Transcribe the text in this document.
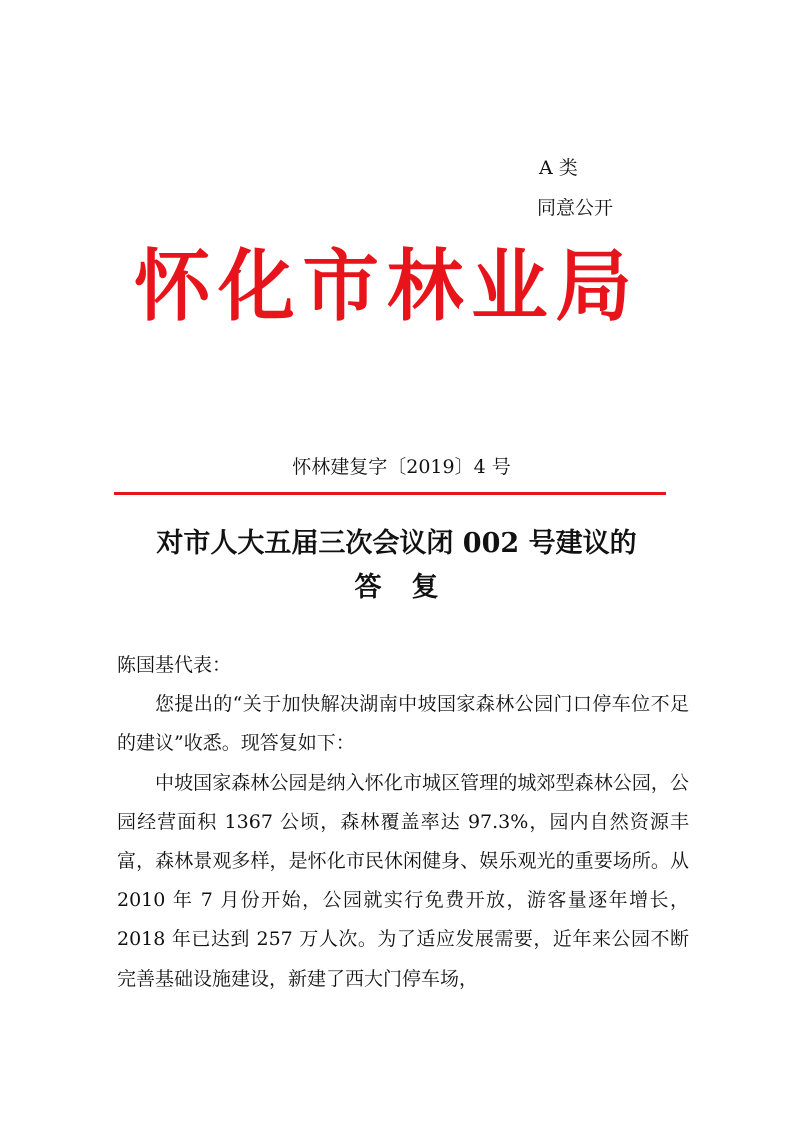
A 类
同意公开
怀化市林业局
怀林建复字〔2019〕4 号
对市人大五届三次会议闭 002 号建议的
答复

陈国基代表：

您提出的“关于加快解决湖南中坡国家森林公园门口停车位不足的建议”收悉。现答复如下：

中坡国家森林公园是纳入怀化市城区管理的城郊型森林公园，公园经营面积 1367 公顷，森林覆盖率达 97.3%，园内自然资源丰富，森林景观多样，是怀化市民休闲健身、娱乐观光的重要场所。从 2010 年 7 月份开始，公园就实行免费开放，游客量逐年增长，2018 年已达到 257 万人次。为了适应发展需要，近年来公园不断完善基础设施建设，新建了西大门停车场，
